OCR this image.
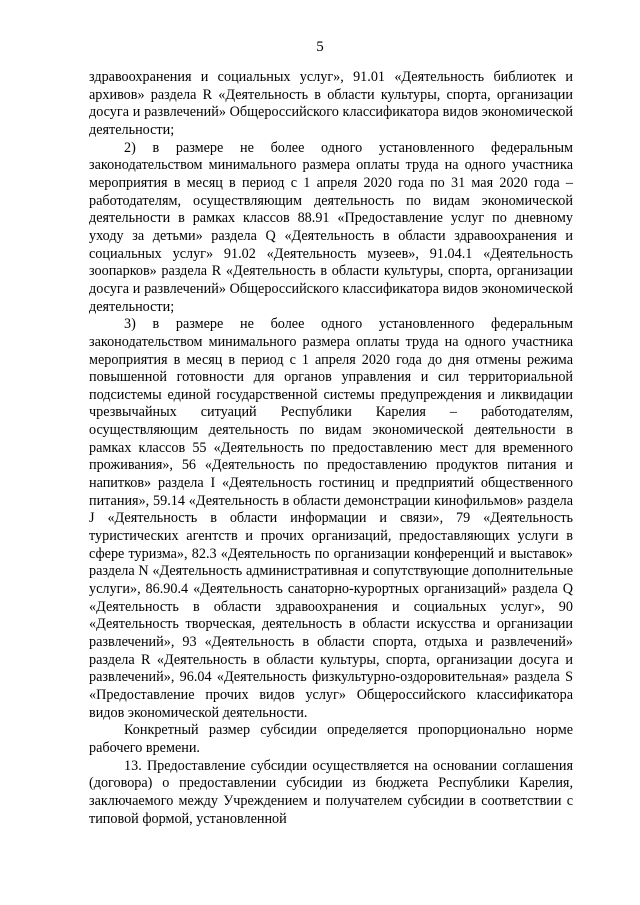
5

здравоохранения и социальных услуг», 91.01 «Деятельность библиотек и архивов» раздела R «Деятельность в области культуры, спорта, организации досуга и развлечений» Общероссийского классификатора видов экономической деятельности;

2) в размере не более одного установленного федеральным законодательством минимального размера оплаты труда на одного участника мероприятия в месяц в период с 1 апреля 2020 года по 31 мая 2020 года – работодателям, осуществляющим деятельность по видам экономической деятельности в рамках классов 88.91 «Предоставление услуг по дневному уходу за детьми» раздела Q «Деятельность в области здравоохранения и социальных услуг» 91.02 «Деятельность музеев», 91.04.1 «Деятельность зоопарков» раздела R «Деятельность в области культуры, спорта, организации досуга и развлечений» Общероссийского классификатора видов экономической деятельности;

3) в размере не более одного установленного федеральным законодательством минимального размера оплаты труда на одного участника мероприятия в месяц в период с 1 апреля 2020 года до дня отмены режима повышенной готовности для органов управления и сил территориальной подсистемы единой государственной системы предупреждения и ликвидации чрезвычайных ситуаций Республики Карелия – работодателям, осуществляющим деятельность по видам экономической деятельности в рамках классов 55 «Деятельность по предоставлению мест для временного проживания», 56 «Деятельность по предоставлению продуктов питания и напитков» раздела I «Деятельность гостиниц и предприятий общественного питания», 59.14 «Деятельность в области демонстрации кинофильмов» раздела J «Деятельность в области информации и связи», 79 «Деятельность туристических агентств и прочих организаций, предоставляющих услуги в сфере туризма», 82.3 «Деятельность по организации конференций и выставок» раздела N «Деятельность административная и сопутствующие дополнительные услуги», 86.90.4 «Деятельность санаторно-курортных организаций» раздела Q «Деятельность в области здравоохранения и социальных услуг», 90 «Деятельность творческая, деятельность в области искусства и организации развлечений», 93 «Деятельность в области спорта, отдыха и развлечений» раздела R «Деятельность в области культуры, спорта, организации досуга и развлечений», 96.04 «Деятельность физкультурно-оздоровительная» раздела S «Предоставление прочих видов услуг» Общероссийского классификатора видов экономической деятельности.

Конкретный размер субсидии определяется пропорционально норме рабочего времени.

13. Предоставление субсидии осуществляется на основании соглашения (договора) о предоставлении субсидии из бюджета Республики Карелия, заключаемого между Учреждением и получателем субсидии в соответствии с типовой формой, установленной
